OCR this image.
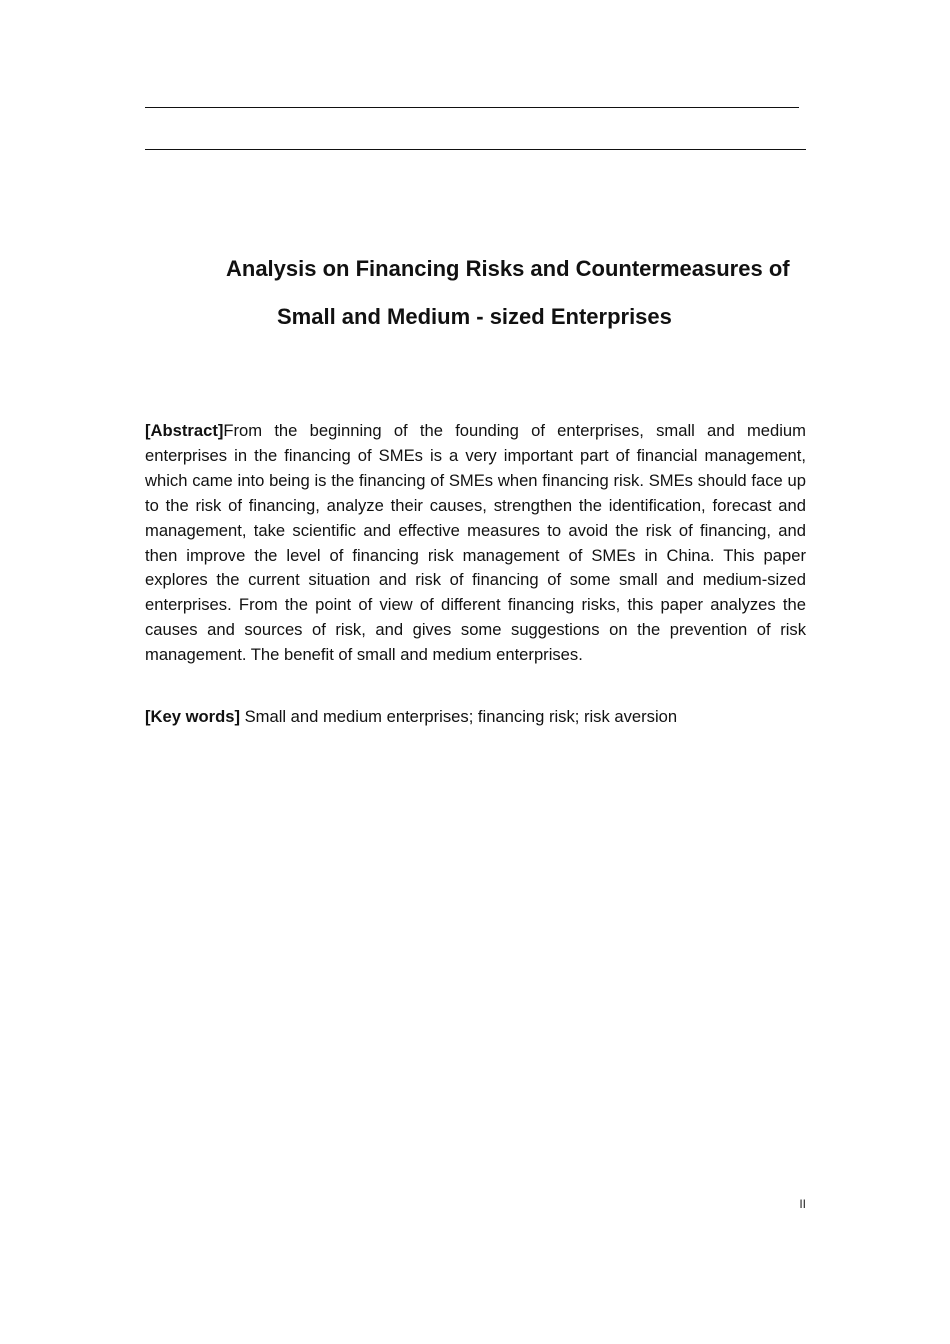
Analysis on Financing Risks and Countermeasures of
Small and Medium - sized Enterprises

[Abstract]From the beginning of the founding of enterprises, small and medium enterprises in the financing of SMEs is a very important part of financial management, which came into being is the financing of SMEs when financing risk. SMEs should face up to the risk of financing, analyze their causes, strengthen the identification, forecast and management, take scientific and effective measures to avoid the risk of financing, and then improve the level of financing risk management of SMEs in China. This paper explores the current situation and risk of financing of some small and medium-sized enterprises. From the point of view of different financing risks, this paper analyzes the causes and sources of risk, and gives some suggestions on the prevention of risk management. The benefit of small and medium enterprises.

[Key words] Small and medium enterprises; financing risk; risk aversion

II
